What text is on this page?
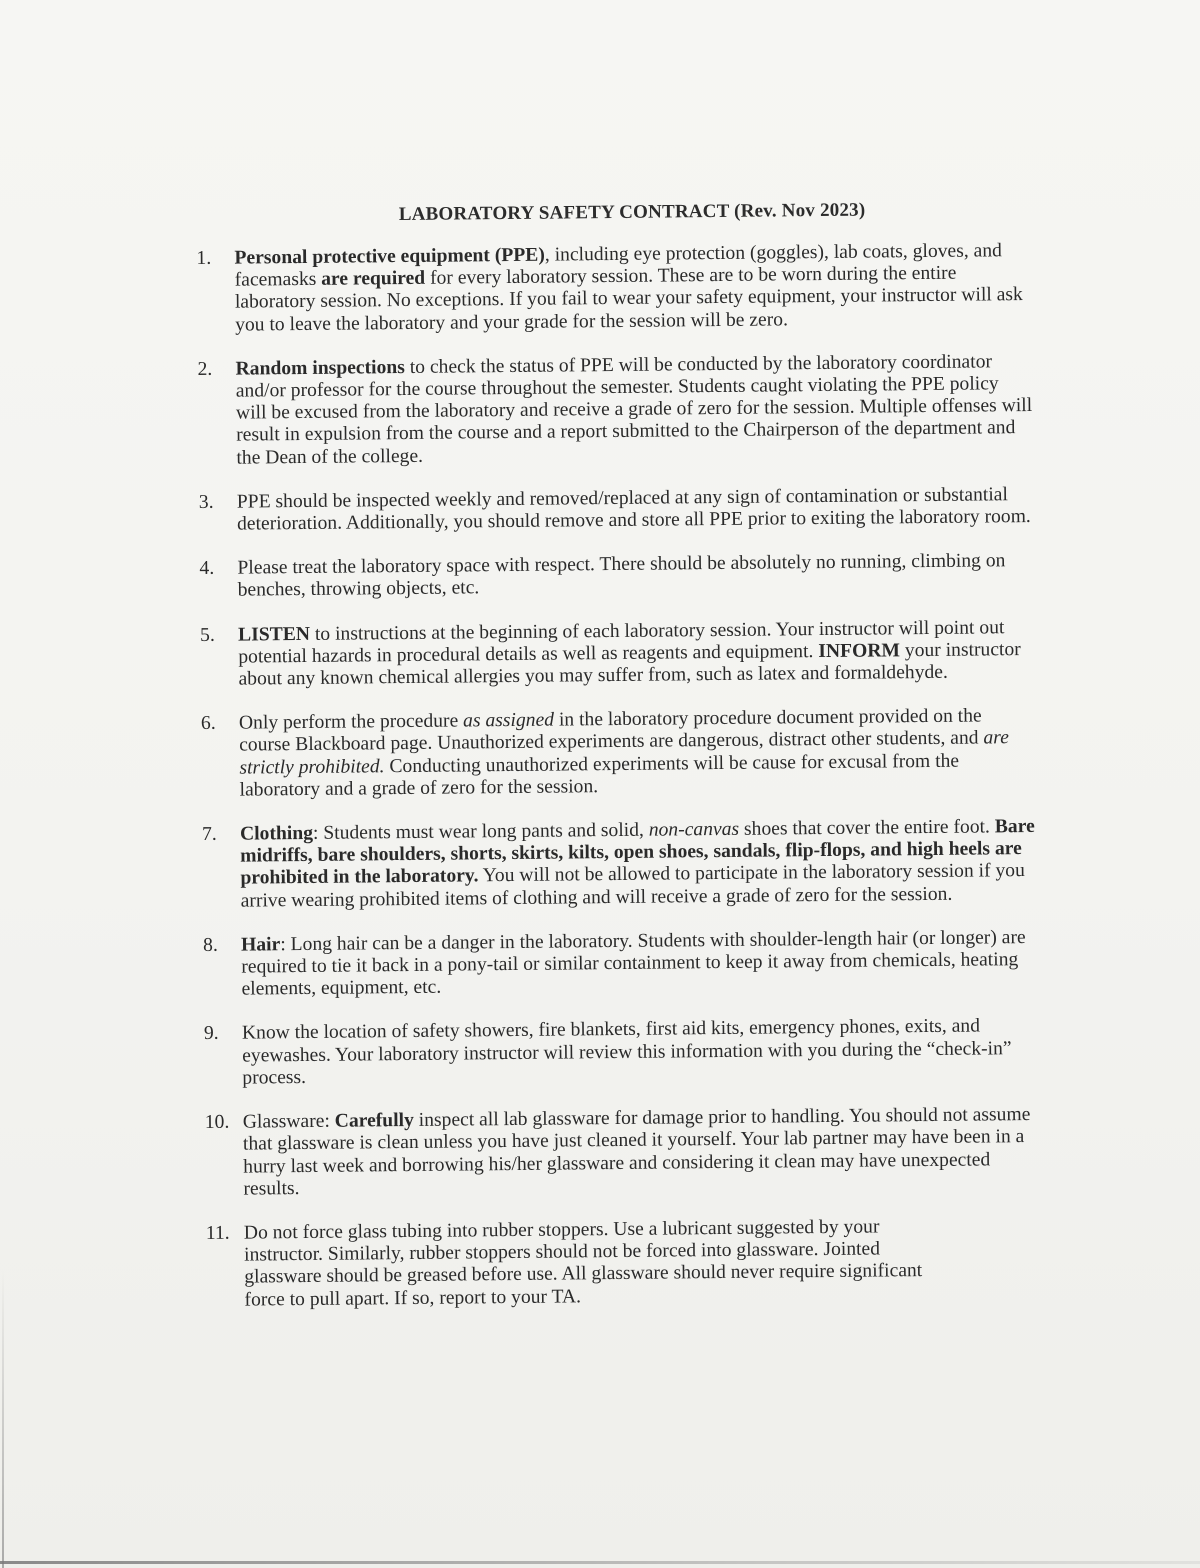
LABORATORY SAFETY CONTRACT (Rev. Nov 2023)
1.	Personal protective equipment (PPE), including eye protection (goggles), lab coats, gloves, and facemasks are required for every laboratory session. These are to be worn during the entire laboratory session. No exceptions. If you fail to wear your safety equipment, your instructor will ask you to leave the laboratory and your grade for the session will be zero.
2.	Random inspections to check the status of PPE will be conducted by the laboratory coordinator and/or professor for the course throughout the semester. Students caught violating the PPE policy will be excused from the laboratory and receive a grade of zero for the session. Multiple offenses will result in expulsion from the course and a report submitted to the Chairperson of the department and the Dean of the college.
3.	PPE should be inspected weekly and removed/replaced at any sign of contamination or substantial deterioration. Additionally, you should remove and store all PPE prior to exiting the laboratory room.
4.	Please treat the laboratory space with respect. There should be absolutely no running, climbing on benches, throwing objects, etc.
5.	LISTEN to instructions at the beginning of each laboratory session. Your instructor will point out potential hazards in procedural details as well as reagents and equipment. INFORM your instructor about any known chemical allergies you may suffer from, such as latex and formaldehyde.
6.	Only perform the procedure as assigned in the laboratory procedure document provided on the course Blackboard page. Unauthorized experiments are dangerous, distract other students, and are strictly prohibited. Conducting unauthorized experiments will be cause for excusal from the laboratory and a grade of zero for the session.
7.	Clothing: Students must wear long pants and solid, non-canvas shoes that cover the entire foot. Bare midriffs, bare shoulders, shorts, skirts, kilts, open shoes, sandals, flip-flops, and high heels are prohibited in the laboratory. You will not be allowed to participate in the laboratory session if you arrive wearing prohibited items of clothing and will receive a grade of zero for the session.
8.	Hair: Long hair can be a danger in the laboratory. Students with shoulder-length hair (or longer) are required to tie it back in a pony-tail or similar containment to keep it away from chemicals, heating elements, equipment, etc.
9.	Know the location of safety showers, fire blankets, first aid kits, emergency phones, exits, and eyewashes. Your laboratory instructor will review this information with you during the “check-in” process.
10. Glassware: Carefully inspect all lab glassware for damage prior to handling. You should not assume that glassware is clean unless you have just cleaned it yourself. Your lab partner may have been in a hurry last week and borrowing his/her glassware and considering it clean may have unexpected results.
11. Do not force glass tubing into rubber stoppers. Use a lubricant suggested by your instructor. Similarly, rubber stoppers should not be forced into glassware. Jointed glassware should be greased before use. All glassware should never require significant force to pull apart. If so, report to your TA.
